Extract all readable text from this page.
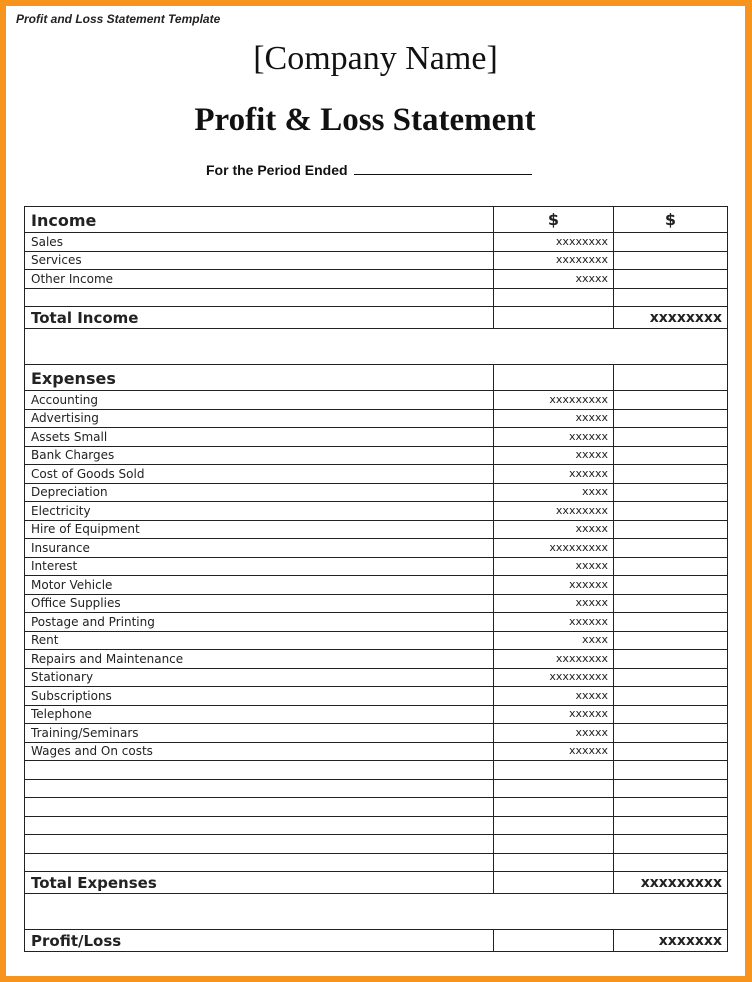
Profit and Loss Statement Template
[Company Name]
Profit & Loss Statement
For the Period Ended
Income	$	$
Sales	xxxxxxxx	
Services	xxxxxxxx	
Other Income	xxxxx	

Total Income		xxxxxxxx

Expenses		
Accounting	xxxxxxxxx	
Advertising	xxxxx	
Assets Small	xxxxxx	
Bank Charges	xxxxx	
Cost of Goods Sold	xxxxxx	
Depreciation	xxxx	
Electricity	xxxxxxxx	
Hire of Equipment	xxxxx	
Insurance	xxxxxxxxx	
Interest	xxxxx	
Motor Vehicle	xxxxxx	
Office Supplies	xxxxx	
Postage and Printing	xxxxxx	
Rent	xxxx	
Repairs and Maintenance	xxxxxxxx	
Stationary	xxxxxxxxx	
Subscriptions	xxxxx	
Telephone	xxxxxx	
Training/Seminars	xxxxx	
Wages and On costs	xxxxxx	

Total Expenses		xxxxxxxxx

Profit/Loss		xxxxxxx
